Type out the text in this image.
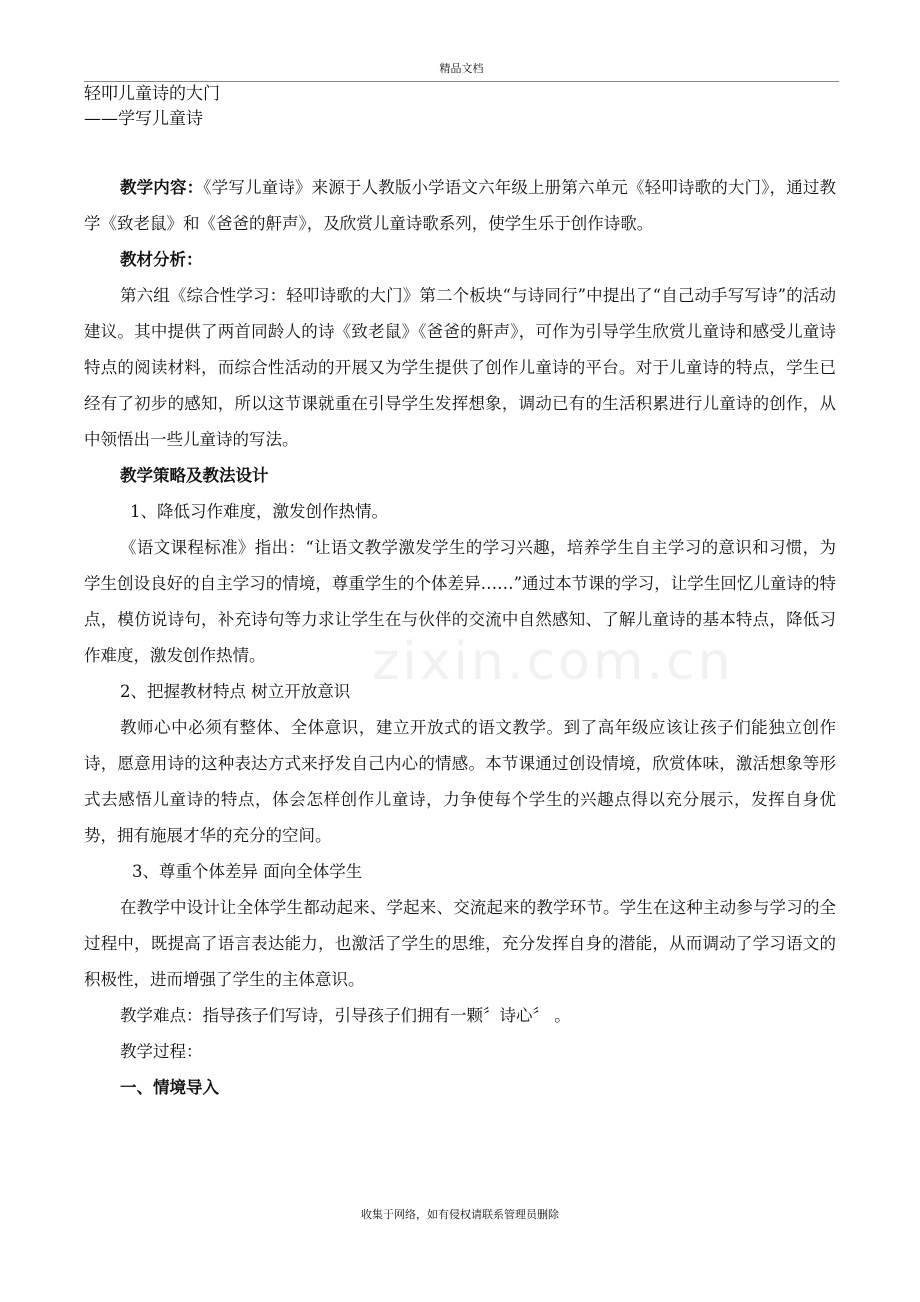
精品文档
轻叩儿童诗的大门
——学写儿童诗

教学内容：《学写儿童诗》来源于人教版小学语文六年级上册第六单元《轻叩诗歌的大门》，通过教学《致老鼠》和《爸爸的鼾声》，及欣赏儿童诗歌系列，使学生乐于创作诗歌。

教材分析：

第六组《综合性学习：轻叩诗歌的大门》第二个板块“与诗同行”中提出了“自己动手写写诗”的活动建议。其中提供了两首同龄人的诗《致老鼠》《爸爸的鼾声》，可作为引导学生欣赏儿童诗和感受儿童诗特点的阅读材料，而综合性活动的开展又为学生提供了创作儿童诗的平台。对于儿童诗的特点，学生已经有了初步的感知，所以这节课就重在引导学生发挥想象，调动已有的生活积累进行儿童诗的创作，从中领悟出一些儿童诗的写法。

教学策略及教法设计

1、降低习作难度，激发创作热情。

《语文课程标准》指出：“让语文教学激发学生的学习兴趣，培养学生自主学习的意识和习惯，为学生创设良好的自主学习的情境，尊重学生的个体差异……”通过本节课的学习，让学生回忆儿童诗的特点，模仿说诗句，补充诗句等力求让学生在与伙伴的交流中自然感知、了解儿童诗的基本特点，降低习作难度，激发创作热情。

2、把握教材特点 树立开放意识

教师心中必须有整体、全体意识，建立开放式的语文教学。到了高年级应该让孩子们能独立创作诗，愿意用诗的这种表达方式来抒发自己内心的情感。本节课通过创设情境，欣赏体味，激活想象等形式去感悟儿童诗的特点，体会怎样创作儿童诗，力争使每个学生的兴趣点得以充分展示，发挥自身优势，拥有施展才华的充分的空间。

3、尊重个体差异 面向全体学生

在教学中设计让全体学生都动起来、学起来、交流起来的教学环节。学生在这种主动参与学习的全过程中，既提高了语言表达能力，也激活了学生的思维，充分发挥自身的潜能，从而调动了学习语文的积极性，进而增强了学生的主体意识。

教学难点：指导孩子们写诗，引导孩子们拥有一颗〞诗心〞 。

教学过程：

一、情境导入

zixin.com.cn
收集于网络，如有侵权请联系管理员删除
